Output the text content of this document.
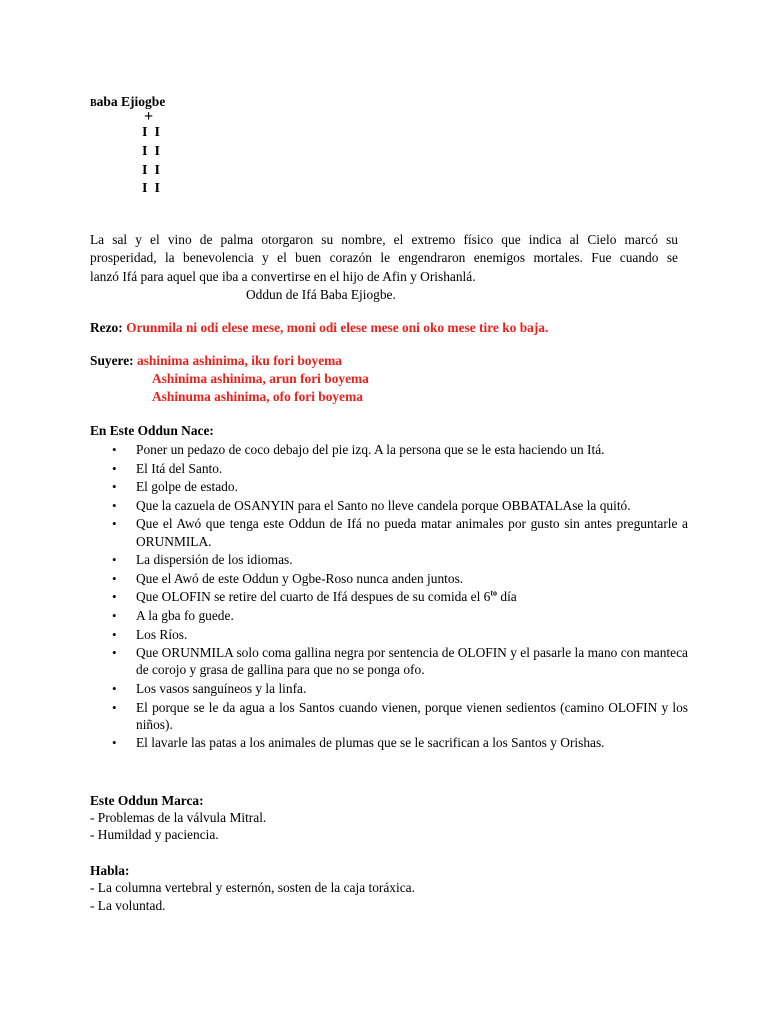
Baba Ejiogbe
+
I  I
I  I
I  I
I  I
La sal y el vino de palma otorgaron su nombre, el extremo físico que indica al Cielo marcó su
prosperidad, la benevolencia y el buen corazón le engendraron enemigos mortales. Fue cuando se
lanzó Ifá para aquel que iba a convertirse en el hijo de Afin y Orishanlá.
Oddun de Ifá Baba Ejiogbe.
Rezo: Orunmila ni odi elese mese, moni odi elese mese oni oko mese tire ko baja.
Suyere: ashinima ashinima, iku fori boyema
Ashinima ashinima, arun fori boyema
Ashinuma ashinima, ofo fori boyema
En Este Oddun Nace:
• Poner un pedazo de coco debajo del pie izq. A la persona que se le esta haciendo un Itá.
• El Itá del Santo.
• El golpe de estado.
• Que la cazuela de OSANYIN para el Santo no lleve candela porque OBBATALAse la quitó.
• Que el Awó que tenga este Oddun de Ifá no pueda matar animales por gusto sin antes preguntarle a ORUNMILA.
• La dispersión de los idiomas.
• Que el Awó de este Oddun y Ogbe-Roso nunca anden juntos.
• Que OLOFIN se retire del cuarto de Ifá despues de su comida el $6^{to}$ día
• A la gba fo guede.
• Los Ríos.
• Que ORUNMILA solo coma gallina negra por sentencia de OLOFIN y el pasarle la mano con manteca de corojo y grasa de gallina para que no se ponga ofo.
• Los vasos sanguíneos y la linfa.
• El porque se le da agua a los Santos cuando vienen, porque vienen sedientos (camino OLOFIN y los niños).
• El lavarle las patas a los animales de plumas que se le sacrifican a los Santos y Orishas.
Este Oddun Marca:
- Problemas de la válvula Mitral.
- Humildad y paciencia.
Habla:
- La columna vertebral y esternón, sosten de la caja toráxica.
- La voluntad.
